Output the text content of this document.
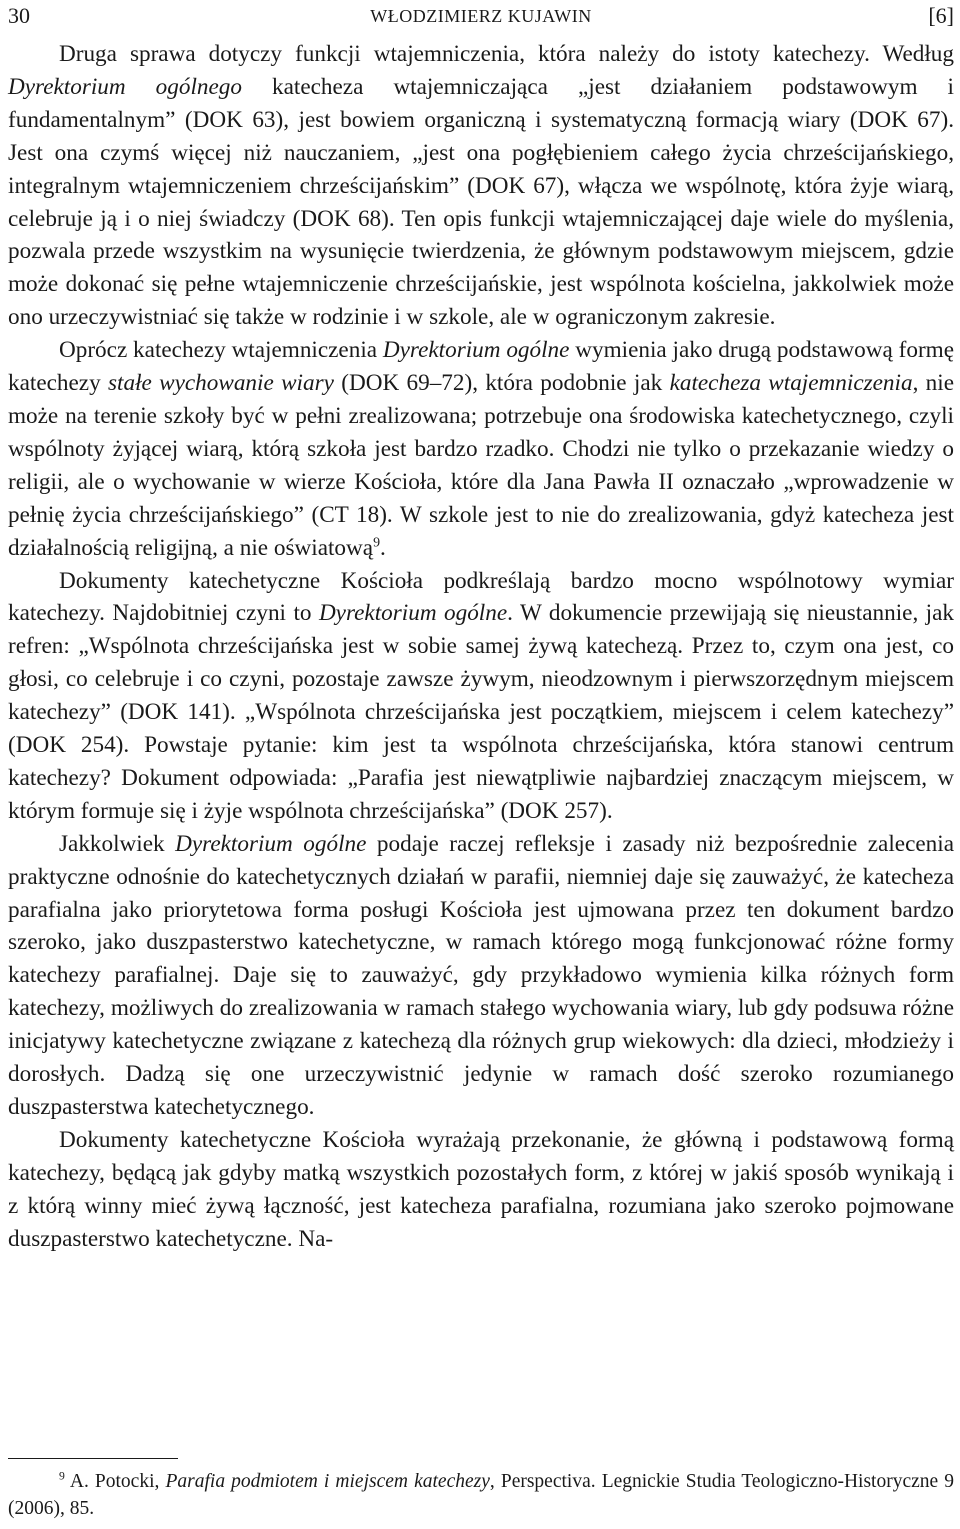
30	WŁODZIMIERZ KUJAWIN	[6]

Druga sprawa dotyczy funkcji wtajemniczenia, która należy do istoty katechezy. Według Dyrektorium ogólnego katecheza wtajemniczająca „jest działaniem podstawowym i fundamentalnym” (DOK 63), jest bowiem organiczną i systematyczną formacją wiary (DOK 67). Jest ona czymś więcej niż nauczaniem, „jest ona pogłębieniem całego życia chrześcijańskiego, integralnym wtajemniczeniem chrześcijańskim” (DOK 67), włącza we wspólnotę, która żyje wiarą, celebruje ją i o niej świadczy (DOK 68). Ten opis funkcji wtajemniczającej daje wiele do myślenia, pozwala przede wszystkim na wysunięcie twierdzenia, że głównym podstawowym miejscem, gdzie może dokonać się pełne wtajemniczenie chrześcijańskie, jest wspólnota kościelna, jakkolwiek może ono urzeczywistniać się także w rodzinie i w szkole, ale w ograniczonym zakresie.

Oprócz katechezy wtajemniczenia Dyrektorium ogólne wymienia jako drugą podstawową formę katechezy stałe wychowanie wiary (DOK 69–72), która podobnie jak katecheza wtajemniczenia, nie może na terenie szkoły być w pełni zrealizowana; potrzebuje ona środowiska katechetycznego, czyli wspólnoty żyjącej wiarą, którą szkoła jest bardzo rzadko. Chodzi nie tylko o przekazanie wiedzy o religii, ale o wychowanie w wierze Kościoła, które dla Jana Pawła II oznaczało „wprowadzenie w pełnię życia chrześcijańskiego” (CT 18). W szkole jest to nie do zrealizowania, gdyż katecheza jest działalnością religijną, a nie oświatową$^9$.

Dokumenty katechetyczne Kościoła podkreślają bardzo mocno wspólnotowy wymiar katechezy. Najdobitniej czyni to Dyrektorium ogólne. W dokumencie przewijają się nieustannie, jak refren: „Wspólnota chrześcijańska jest w sobie samej żywą katechezą. Przez to, czym ona jest, co głosi, co celebruje i co czyni, pozostaje zawsze żywym, nieodzownym i pierwszorzędnym miejscem katechezy” (DOK 141). „Wspólnota chrześcijańska jest początkiem, miejscem i celem katechezy” (DOK 254). Powstaje pytanie: kim jest ta wspólnota chrześcijańska, która stanowi centrum katechezy? Dokument odpowiada: „Parafia jest niewątpliwie najbardziej znaczącym miejscem, w którym formuje się i żyje wspólnota chrześcijańska” (DOK 257).

Jakkolwiek Dyrektorium ogólne podaje raczej refleksje i zasady niż bezpośrednie zalecenia praktyczne odnośnie do katechetycznych działań w parafii, niemniej daje się zauważyć, że katecheza parafialna jako priorytetowa forma posługi Kościoła jest ujmowana przez ten dokument bardzo szeroko, jako duszpasterstwo katechetyczne, w ramach którego mogą funkcjonować różne formy katechezy parafialnej. Daje się to zauważyć, gdy przykładowo wymienia kilka różnych form katechezy, możliwych do zrealizowania w ramach stałego wychowania wiary, lub gdy podsuwa różne inicjatywy katechetyczne związane z katechezą dla różnych grup wiekowych: dla dzieci, młodzieży i dorosłych. Dadzą się one urzeczywistnić jedynie w ramach dość szeroko rozumianego duszpasterstwa katechetycznego.

Dokumenty katechetyczne Kościoła wyrażają przekonanie, że główną i podstawową formą katechezy, będącą jak gdyby matką wszystkich pozostałych form, z której w jakiś sposób wynikają i z którą winny mieć żywą łączność, jest katecheza parafialna, rozumiana jako szeroko pojmowane duszpasterstwo katechetyczne. Na-

$^9$ A. Potocki, Parafia podmiotem i miejscem katechezy, Perspectiva. Legnickie Studia Teologiczno-Historyczne 9 (2006), 85.
